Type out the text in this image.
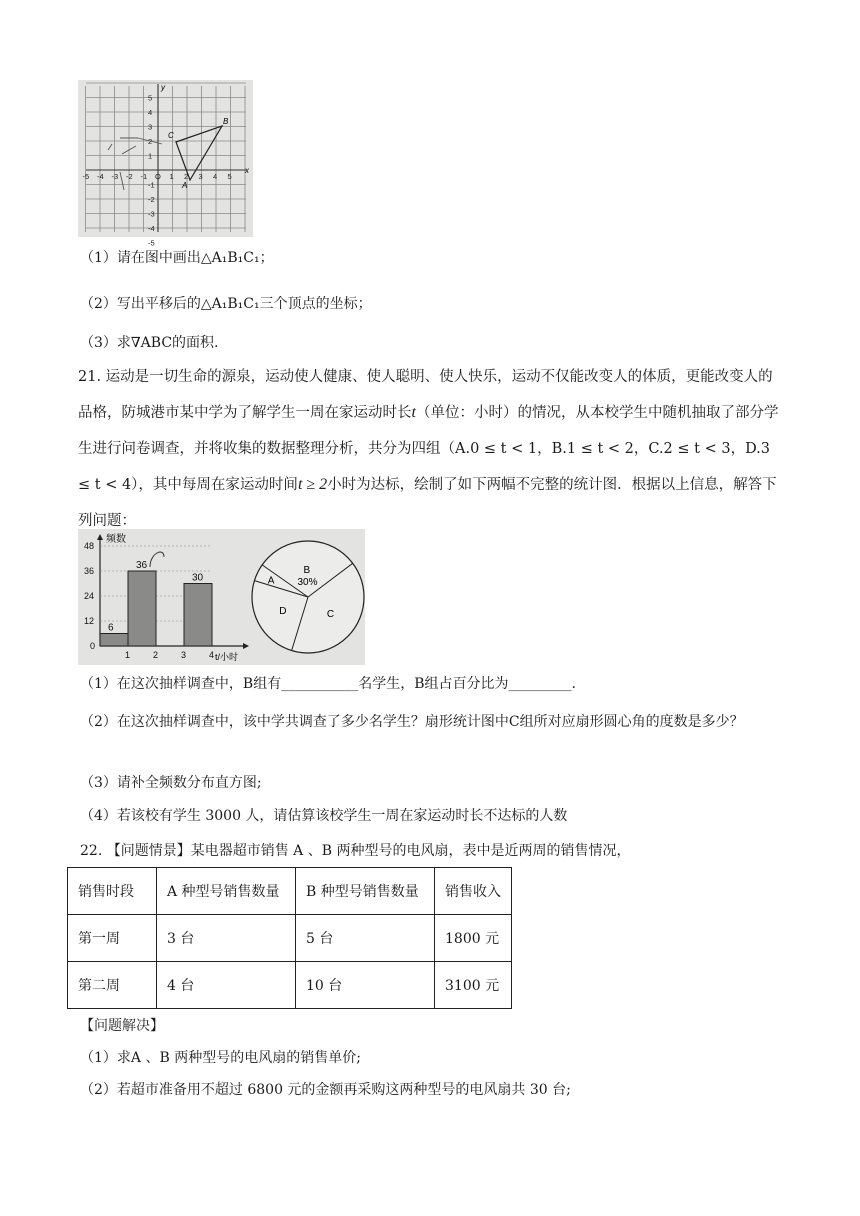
x
y
-5 -4 -3 -2 -1 O 1 2 3 4 5
5
4
3
2
1
-1
-2
-3
-4
-5
A
B
C
（1）请在图中画出△A₁B₁C₁；
（2）写出平移后的△A₁B₁C₁三个顶点的坐标；
（3）求∇ABC的面积.
21. 运动是一切生命的源泉，运动使人健康、使人聪明、使人快乐，运动不仅能改变人的体质，更能改变人的品格，防城港市某中学为了解学生一周在家运动时长t（单位：小时）的情况，从本校学生中随机抽取了部分学生进行问卷调查，并将收集的数据整理分析，共分为四组（A.0 ≤ t < 1，B.1 ≤ t < 2，C.2 ≤ t < 3，D.3 ≤ t < 4），其中每周在家运动时间t ≥ 2小时为达标，绘制了如下两幅不完整的统计图．根据以上信息，解答下列问题：
6
36
30
0
12
24
36
48
1	2	3	4
频数
t/小时
A
B
C
D
30%
（1）在这次抽样调查中，B组有___________名学生，B组占百分比为_________.
（2）在这次抽样调查中，该中学共调查了多少名学生？扇形统计图中C组所对应扇形圆心角的度数是多少？
（3）请补全频数分布直方图;
（4）若该校有学生 3000 人，请估算该校学生一周在家运动时长不达标的人数
22. 【问题情景】某电器超市销售 A 、B 两种型号的电风扇，表中是近两周的销售情况，
销售时段	A 种型号销售数量	B 种型号销售数量	销售收入
第一周	3 台	5 台	1800 元
第二周	4 台	10 台	3100 元
【问题解决】
（1）求A 、B 两种型号的电风扇的销售单价;
（2）若超市准备用不超过 6800 元的金额再采购这两种型号的电风扇共 30 台;
